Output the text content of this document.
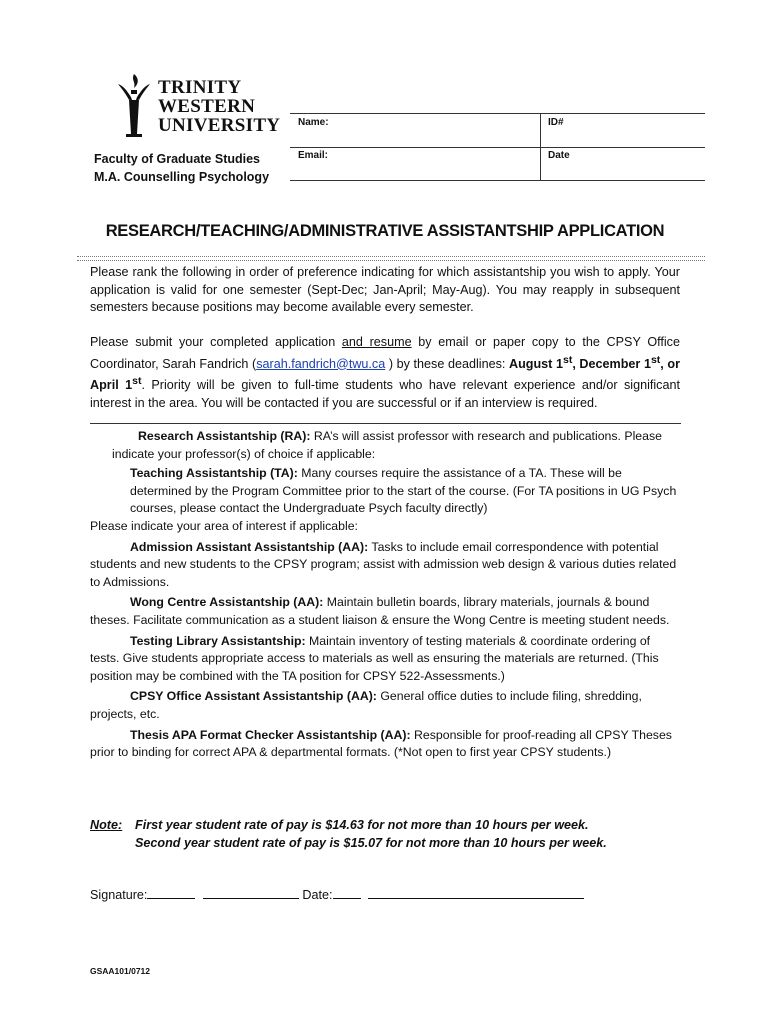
TRINITY
WESTERN
UNIVERSITY
Faculty of Graduate Studies
M.A. Counselling Psychology
Name:	ID#
Email:	Date
RESEARCH/TEACHING/ADMINISTRATIVE ASSISTANTSHIP APPLICATION
Please rank the following in order of preference indicating for which assistantship you wish to apply. Your application is valid for one semester (Sept-Dec; Jan-April; May-Aug). You may reapply in subsequent semesters because positions may become available every semester.
Please submit your completed application and resume by email or paper copy to the CPSY Office Coordinator, Sarah Fandrich (sarah.fandrich@twu.ca ) by these deadlines: August 1st, December 1st, or April 1st. Priority will be given to full-time students who have relevant experience and/or significant interest in the area. You will be contacted if you are successful or if an interview is required.

Research Assistantship (RA): RA’s will assist professor with research and publications. Please

indicate your professor(s) of choice if applicable:

Teaching Assistantship (TA): Many courses require the assistance of a TA. These will be determined by the Program Committee prior to the start of the course. (For TA positions in UG Psych courses, please contact the Undergraduate Psych faculty directly)

Please indicate your area of interest if applicable:

Admission Assistant Assistantship (AA): Tasks to include email correspondence with potential students and new students to the CPSY program; assist with admission web design & various duties related to Admissions.

Wong Centre Assistantship (AA): Maintain bulletin boards, library materials, journals & bound theses. Facilitate communication as a student liaison & ensure the Wong Centre is meeting student needs.

Testing Library Assistantship: Maintain inventory of testing materials & coordinate ordering of tests. Give students appropriate access to materials as well as ensuring the materials are returned. (This position may be combined with the TA position for CPSY 522-Assessments.)

CPSY Office Assistant Assistantship (AA): General office duties to include filing, shredding, projects, etc.

Thesis APA Format Checker Assistantship (AA): Responsible for proof-reading all CPSY Theses prior to binding for correct APA & departmental formats. (*Not open to first year CPSY students.)

Note: First year student rate of pay is $14.63 for not more than 10 hours per week.
Second year student rate of pay is $15.07 for not more than 10 hours per week.
Signature:	Date:
GSAA101/0712
